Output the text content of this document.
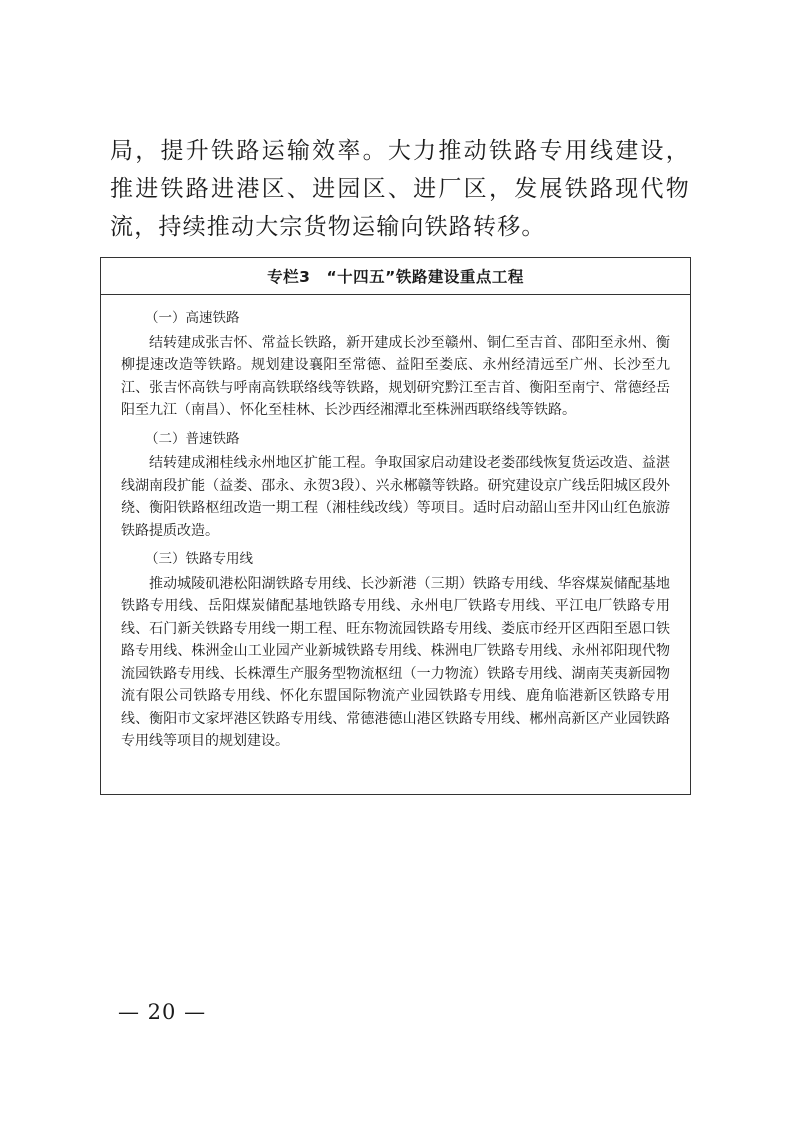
局，提升铁路运输效率。大力推动铁路专用线建设，推进铁路进港区、进园区、进厂区，发展铁路现代物流，持续推动大宗货物运输向铁路转移。

专栏3　“十四五”铁路建设重点工程
（一）高速铁路

结转建成张吉怀、常益长铁路，新开建成长沙至赣州、铜仁至吉首、邵阳至永州、衡柳提速改造等铁路。规划建设襄阳至常德、益阳至娄底、永州经清远至广州、长沙至九江、张吉怀高铁与呼南高铁联络线等铁路，规划研究黔江至吉首、衡阳至南宁、常德经岳阳至九江（南昌）、怀化至桂林、长沙西经湘潭北至株洲西联络线等铁路。

（二）普速铁路

结转建成湘桂线永州地区扩能工程。争取国家启动建设老娄邵线恢复货运改造、益湛线湖南段扩能（益娄、邵永、永贺3段）、兴永郴赣等铁路。研究建设京广线岳阳城区段外绕、衡阳铁路枢纽改造一期工程（湘桂线改线）等项目。适时启动韶山至井冈山红色旅游铁路提质改造。

（三）铁路专用线

推动城陵矶港松阳湖铁路专用线、长沙新港（三期）铁路专用线、华容煤炭储配基地铁路专用线、岳阳煤炭储配基地铁路专用线、永州电厂铁路专用线、平江电厂铁路专用线、石门新关铁路专用线一期工程、旺东物流园铁路专用线、娄底市经开区西阳至恩口铁路专用线、株洲金山工业园产业新城铁路专用线、株洲电厂铁路专用线、永州祁阳现代物流园铁路专用线、长株潭生产服务型物流枢纽（一力物流）铁路专用线、湖南芙夷新园物流有限公司铁路专用线、怀化东盟国际物流产业园铁路专用线、鹿角临港新区铁路专用线、衡阳市文家坪港区铁路专用线、常德港德山港区铁路专用线、郴州高新区产业园铁路专用线等项目的规划建设。

— 20 —
